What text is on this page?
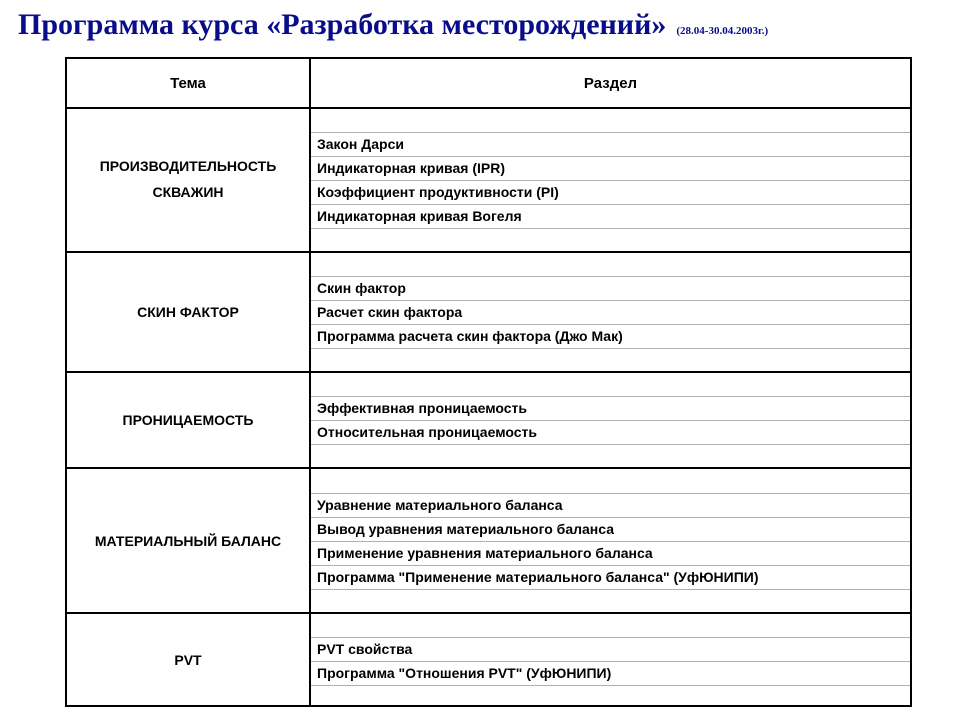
Программа курса «Разработка месторождений» (28.04-30.04.2003г.)
Тема	Раздел
ПРОИЗВОДИТЕЛЬНОСТЬ СКВАЖИН
Закон Дарси
Индикаторная кривая (IPR)
Коэффициент продуктивности (PI)
Индикаторная кривая Вогеля
СКИН ФАКТОР
Скин фактор
Расчет скин фактора
Программа расчета скин фактора (Джо Мак)
ПРОНИЦАЕМОСТЬ
Эффективная проницаемость
Относительная проницаемость
МАТЕРИАЛЬНЫЙ БАЛАНС
Уравнение материального баланса
Вывод уравнения материального баланса
Применение уравнения материального баланса
Программа "Применение материального баланса" (УфЮНИПИ)
PVT
PVT свойства
Программа "Отношения PVT" (УфЮНИПИ)
